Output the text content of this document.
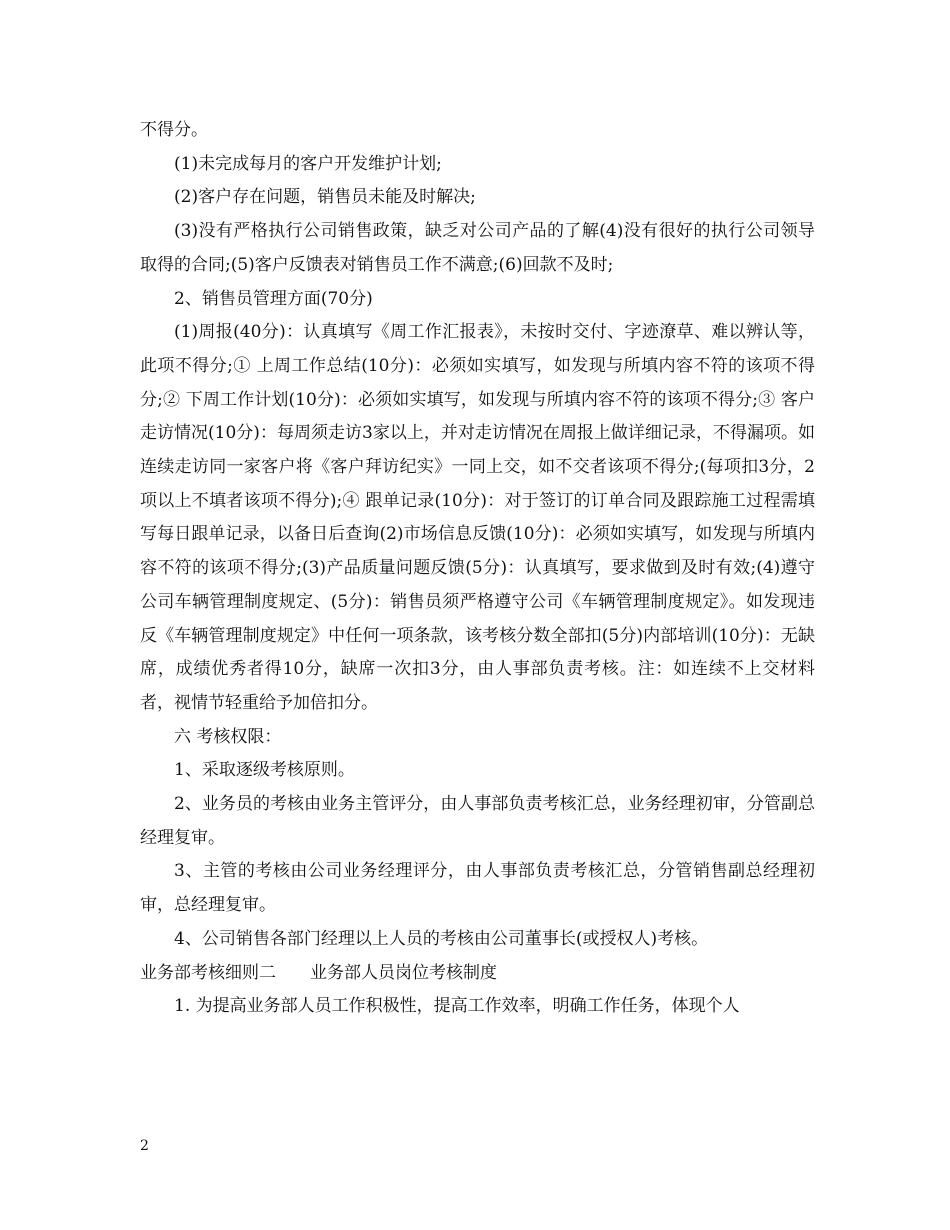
不得分。

(1)未完成每月的客户开发维护计划;

(2)客户存在问题，销售员未能及时解决;

(3)没有严格执行公司销售政策，缺乏对公司产品的了解(4)没有很好的执行公司领导取得的合同;(5)客户反馈表对销售员工作不满意;(6)回款不及时;

2、销售员管理方面(70分)

(1)周报(40分)：认真填写《周工作汇报表》，未按时交付、字迹潦草、难以辨认等，此项不得分;① 上周工作总结(10分)：必须如实填写，如发现与所填内容不符的该项不得分;② 下周工作计划(10分)：必须如实填写，如发现与所填内容不符的该项不得分;③ 客户走访情况(10分)：每周须走访3家以上，并对走访情况在周报上做详细记录，不得漏项。如连续走访同一家客户将《客户拜访纪实》一同上交，如不交者该项不得分;(每项扣3分，2项以上不填者该项不得分);④ 跟单记录(10分)：对于签订的订单合同及跟踪施工过程需填写每日跟单记录，以备日后查询(2)市场信息反馈(10分)：必须如实填写，如发现与所填内容不符的该项不得分;(3)产品质量问题反馈(5分)：认真填写，要求做到及时有效;(4)遵守公司车辆管理制度规定、(5分)：销售员须严格遵守公司《车辆管理制度规定》。如发现违反《车辆管理制度规定》中任何一项条款，该考核分数全部扣(5分)内部培训(10分)：无缺席，成绩优秀者得10分，缺席一次扣3分，由人事部负责考核。注：如连续不上交材料者，视情节轻重给予加倍扣分。

六 考核权限：

1、采取逐级考核原则。

2、业务员的考核由业务主管评分，由人事部负责考核汇总，业务经理初审，分管副总经理复审。

3、主管的考核由公司业务经理评分，由人事部负责考核汇总，分管销售副总经理初审，总经理复审。

4、公司销售各部门经理以上人员的考核由公司董事长(或授权人)考核。

业务部考核细则二　　业务部人员岗位考核制度

1. 为提高业务部人员工作积极性，提高工作效率，明确工作任务，体现个人

2
